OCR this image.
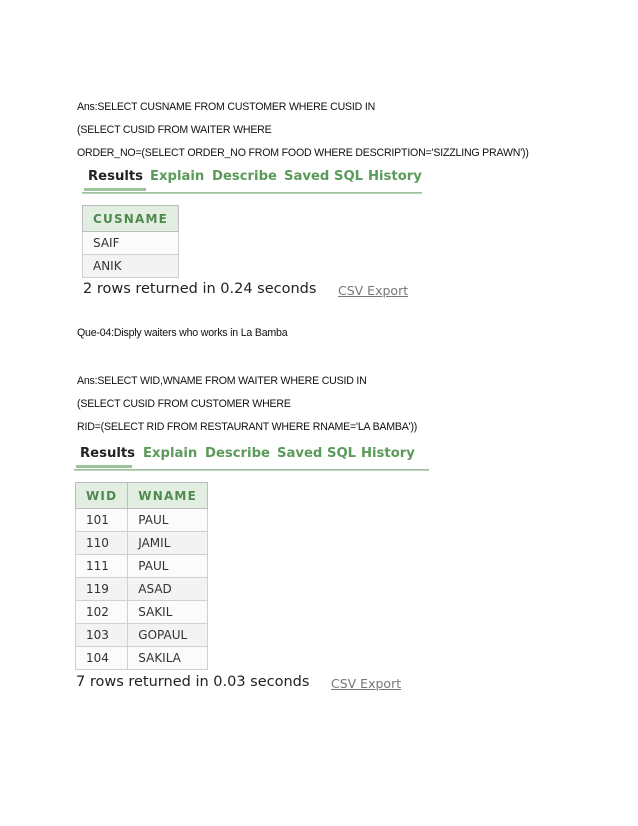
Ans:SELECT CUSNAME FROM CUSTOMER WHERE CUSID IN
(SELECT CUSID FROM WAITER WHERE
ORDER_NO=(SELECT ORDER_NO FROM FOOD WHERE DESCRIPTION='SIZZLING PRAWN'))
Results Explain Describe Saved SQL History
CUSNAME
SAIF
ANIK
2 rows returned in 0.24 seconds CSV Export
Que-04:Disply waiters who works in La Bamba
Ans:SELECT WID,WNAME FROM WAITER WHERE CUSID IN
(SELECT CUSID FROM CUSTOMER WHERE
RID=(SELECT RID FROM RESTAURANT WHERE RNAME='LA BAMBA'))
Results Explain Describe Saved SQL History
WID	WNAME
101	PAUL
110	JAMIL
111	PAUL
119	ASAD
102	SAKIL
103	GOPAUL
104	SAKILA
7 rows returned in 0.03 seconds CSV Export
